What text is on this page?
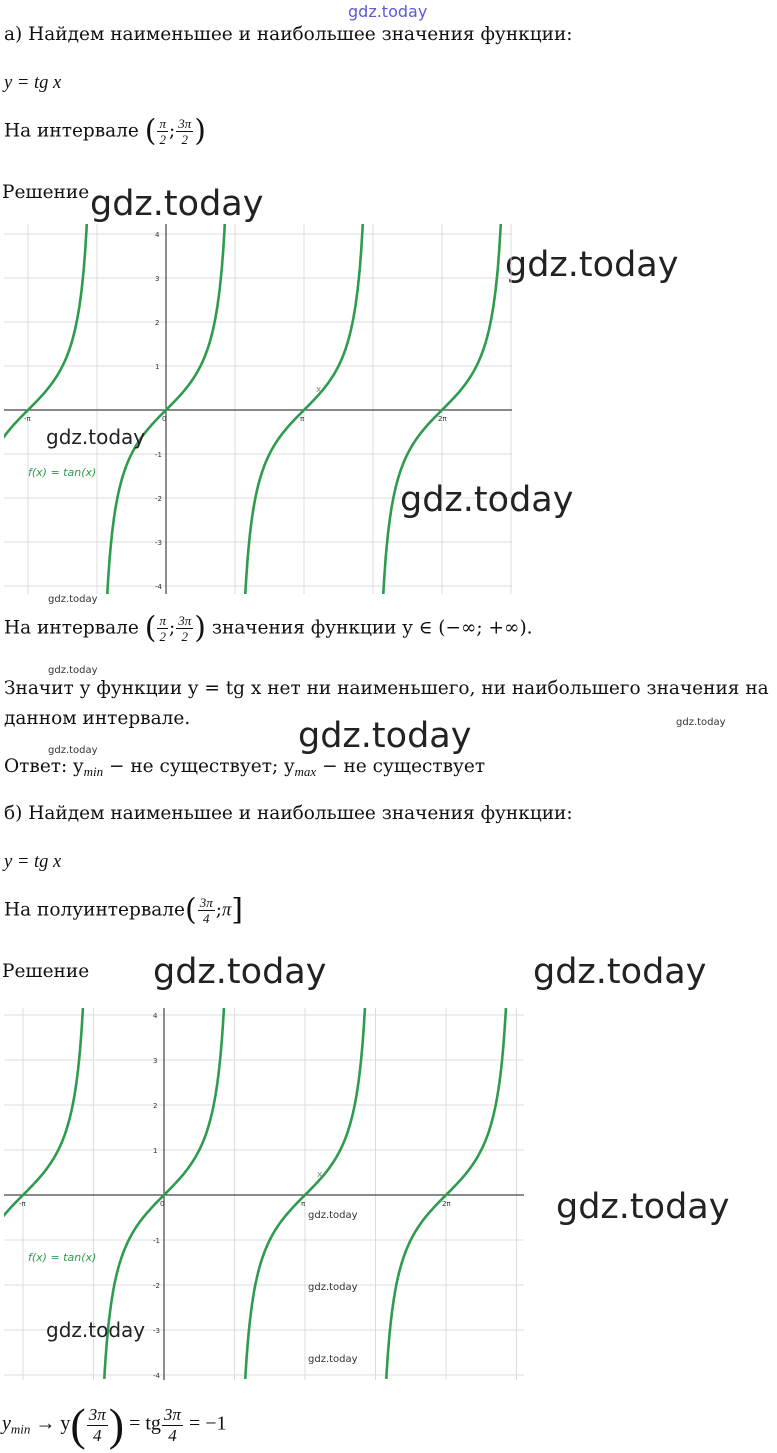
gdz.today
а) Найдем наименьшее и наибольшее значения функции:
y = tg x
На интервале ( $\frac{\pi}{2}$ ; $\frac{3\pi}{2}$ )
Решение gdz.today
gdz.today
4
3
2
1
-1
-2
-3
-4
-π	0	π	2π
f(x) = tan(x)
x
gdz.today
gdz.today
gdz.today
На интервале ( $\frac{\pi}{2}$ ; $\frac{3\pi}{2}$ ) значения функции y ∈ (−∞; +∞).
gdz.today
Значит у функции y = tg x нет ни наименьшего, ни наибольшего значения на
данном интервале.	gdz.today
gdz.today
gdz.today
Ответ: $y_{min}$ − не существует; $y_{max}$ − не существует
б) Найдем наименьшее и наибольшее значения функции:
y = tg x
На полуинтервале( $\frac{3\pi}{4}$ ;π]
Решение gdz.today	gdz.today
4
3
2
1
-1
-2
-3
-4
-π	0	π	2π
f(x) = tan(x)
x
gdz.today
gdz.today
gdz.today
gdz.today
gdz.today
$y_{min} \to y( \frac{3\pi}{4}$ ) = tg $\frac{3\pi}{4} = -1$
